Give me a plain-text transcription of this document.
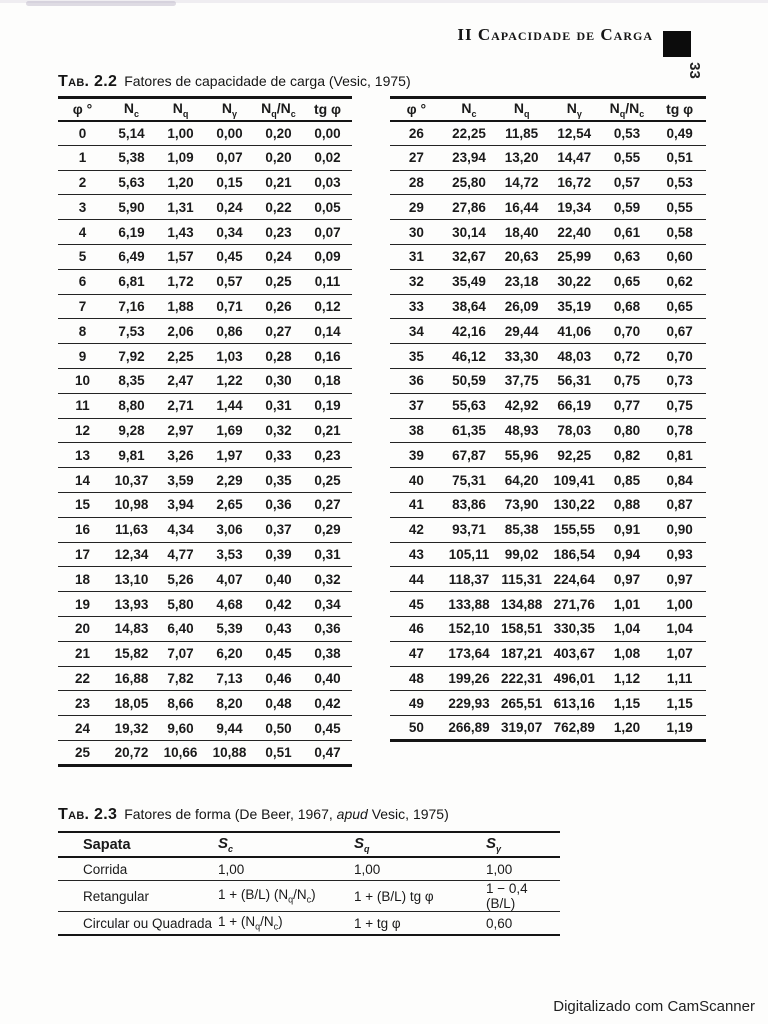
II Capacidade de Carga
33
Tab. 2.2 Fatores de capacidade de carga (Vesic, 1975)
φ °	$N_c$	$N_q$	$N_\gamma$	$N_q/N_c$	tg φ
0	5,14	1,00	0,00	0,20	0,00
1	5,38	1,09	0,07	0,20	0,02
2	5,63	1,20	0,15	0,21	0,03
3	5,90	1,31	0,24	0,22	0,05
4	6,19	1,43	0,34	0,23	0,07
5	6,49	1,57	0,45	0,24	0,09
6	6,81	1,72	0,57	0,25	0,11
7	7,16	1,88	0,71	0,26	0,12
8	7,53	2,06	0,86	0,27	0,14
9	7,92	2,25	1,03	0,28	0,16
10	8,35	2,47	1,22	0,30	0,18
11	8,80	2,71	1,44	0,31	0,19
12	9,28	2,97	1,69	0,32	0,21
13	9,81	3,26	1,97	0,33	0,23
14	10,37	3,59	2,29	0,35	0,25
15	10,98	3,94	2,65	0,36	0,27
16	11,63	4,34	3,06	0,37	0,29
17	12,34	4,77	3,53	0,39	0,31
18	13,10	5,26	4,07	0,40	0,32
19	13,93	5,80	4,68	0,42	0,34
20	14,83	6,40	5,39	0,43	0,36
21	15,82	7,07	6,20	0,45	0,38
22	16,88	7,82	7,13	0,46	0,40
23	18,05	8,66	8,20	0,48	0,42
24	19,32	9,60	9,44	0,50	0,45
25	20,72	10,66	10,88	0,51	0,47
φ °	$N_c$	$N_q$	$N_\gamma$	$N_q/N_c$	tg φ
26	22,25	11,85	12,54	0,53	0,49
27	23,94	13,20	14,47	0,55	0,51
28	25,80	14,72	16,72	0,57	0,53
29	27,86	16,44	19,34	0,59	0,55
30	30,14	18,40	22,40	0,61	0,58
31	32,67	20,63	25,99	0,63	0,60
32	35,49	23,18	30,22	0,65	0,62
33	38,64	26,09	35,19	0,68	0,65
34	42,16	29,44	41,06	0,70	0,67
35	46,12	33,30	48,03	0,72	0,70
36	50,59	37,75	56,31	0,75	0,73
37	55,63	42,92	66,19	0,77	0,75
38	61,35	48,93	78,03	0,80	0,78
39	67,87	55,96	92,25	0,82	0,81
40	75,31	64,20	109,41	0,85	0,84
41	83,86	73,90	130,22	0,88	0,87
42	93,71	85,38	155,55	0,91	0,90
43	105,11	99,02	186,54	0,94	0,93
44	118,37	115,31	224,64	0,97	0,97
45	133,88	134,88	271,76	1,01	1,00
46	152,10	158,51	330,35	1,04	1,04
47	173,64	187,21	403,67	1,08	1,07
48	199,26	222,31	496,01	1,12	1,11
49	229,93	265,51	613,16	1,15	1,15
50	266,89	319,07	762,89	1,20	1,19
Tab. 2.3 Fatores de forma (De Beer, 1967, apud Vesic, 1975)
Sapata	$S_c$	$S_q$	$S_\gamma$
Corrida	1,00	1,00	1,00
Retangular	1 + (B/L) $(N_q/N_c)$	1 + (B/L) tg φ	1 − 0,4 (B/L)
Circular ou Quadrada	$1 + (N_q/N_c)$	1 + tg φ	0,60
Digitalizado com CamScanner
